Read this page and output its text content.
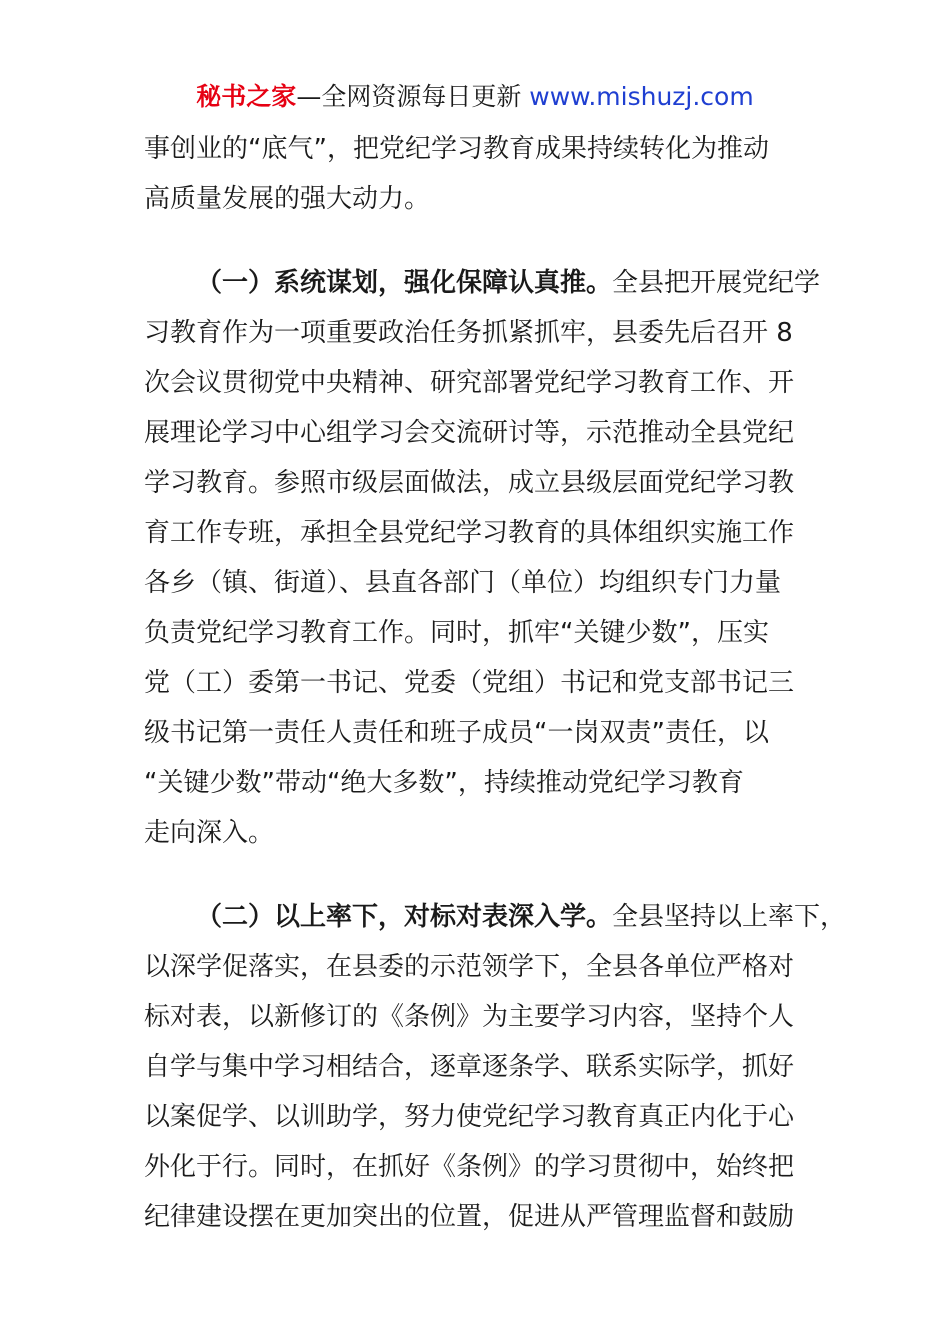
秘书之家—全网资源每日更新 www.mishuzj.com
事创业的“底气”，把党纪学习教育成果持续转化为推动
高质量发展的强大动力。
（一）系统谋划，强化保障认真推。全县把开展党纪学
习教育作为一项重要政治任务抓紧抓牢，县委先后召开 8
次会议贯彻党中央精神、研究部署党纪学习教育工作、开
展理论学习中心组学习会交流研讨等，示范推动全县党纪
学习教育。参照市级层面做法，成立县级层面党纪学习教
育工作专班，承担全县党纪学习教育的具体组织实施工作
各乡（镇、街道）、县直各部门（单位）均组织专门力量
负责党纪学习教育工作。同时，抓牢“关键少数”，压实
党（工）委第一书记、党委（党组）书记和党支部书记三
级书记第一责任人责任和班子成员“一岗双责”责任，以
“关键少数”带动“绝大多数”，持续推动党纪学习教育
走向深入。
（二）以上率下，对标对表深入学。全县坚持以上率下，
以深学促落实，在县委的示范领学下，全县各单位严格对
标对表，以新修订的《条例》为主要学习内容，坚持个人
自学与集中学习相结合，逐章逐条学、联系实际学，抓好
以案促学、以训助学，努力使党纪学习教育真正内化于心
外化于行。同时，在抓好《条例》的学习贯彻中，始终把
纪律建设摆在更加突出的位置，促进从严管理监督和鼓励
